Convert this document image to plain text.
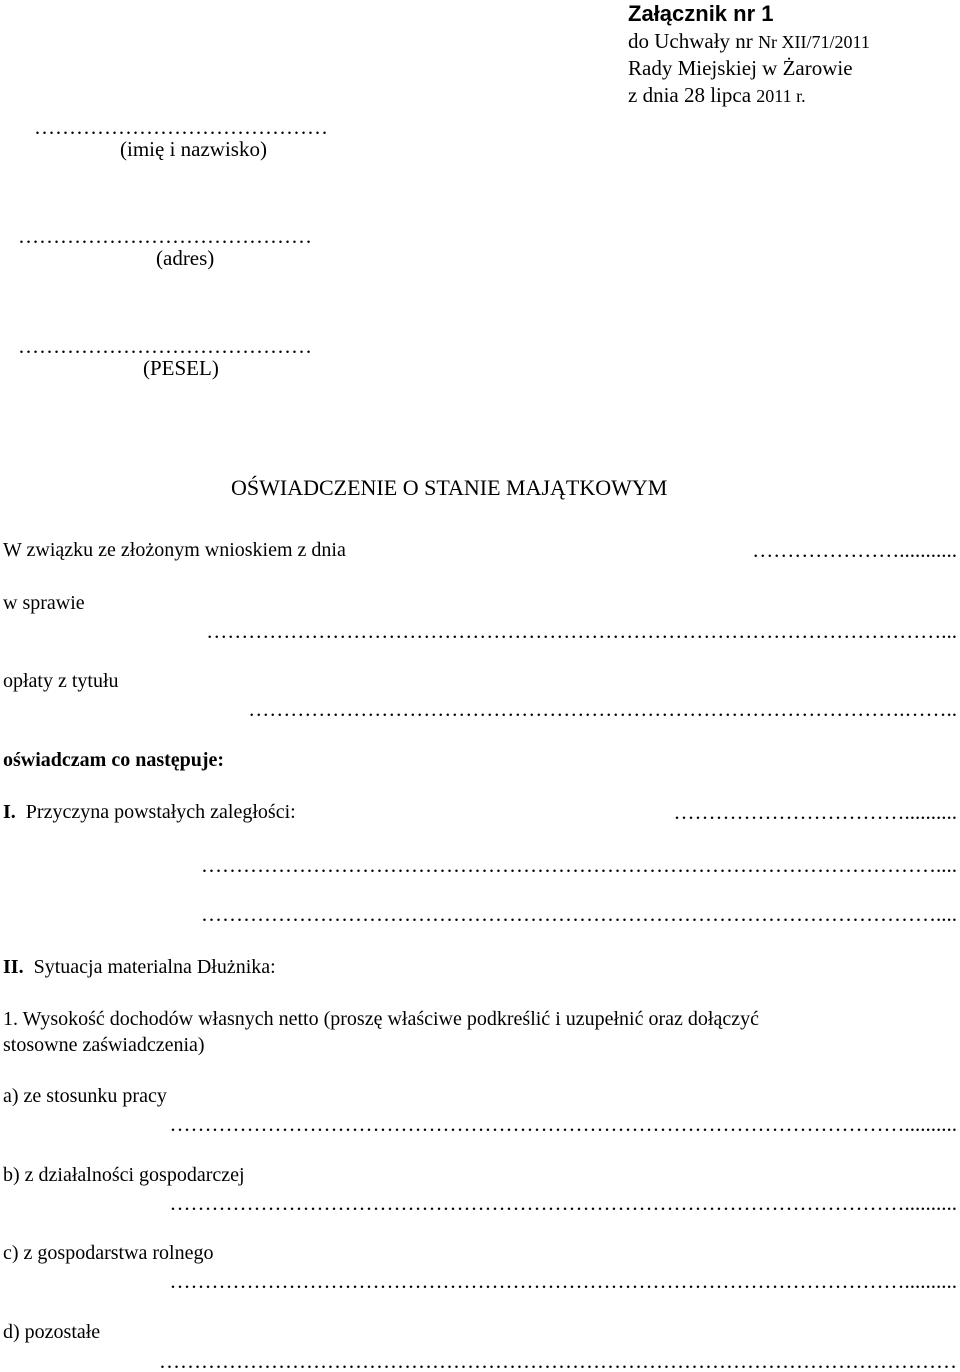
Załącznik nr 1
do Uchwały nr Nr XII/71/2011
Rady Miejskiej w Żarowie
z dnia 28 lipca 2011 r.
……………………………………
(imię i nazwisko)
……………………………………
(adres)
……………………………………
(PESEL)
OŚWIADCZENIE O STANIE MAJĄTKOWYM
W związku ze złożonym wnioskiem z dnia	…………………...........
w sprawie
……………………………………………………………………………………………...
opłaty z tytułu
………………………………………………………………………………….……..
oświadczam co następuje:
I. Przyczyna powstałych zaległości:	……………………………..........
……………………………………………………………………………………………....
……………………………………………………………………………………………....
II. Sytuacja materialna Dłużnika:
1. Wysokość dochodów własnych netto (proszę właściwe podkreślić i uzupełnić oraz dołączyć
stosowne zaświadczenia)
a) ze stosunku pracy
……………………………………………………………………………………………..........
b) z działalności gospodarczej
……………………………………………………………………………………………..........
c) z gospodarstwa rolnego
……………………………………………………………………………………………..........
d) pozostałe
……………………………………………………………………………………………………
